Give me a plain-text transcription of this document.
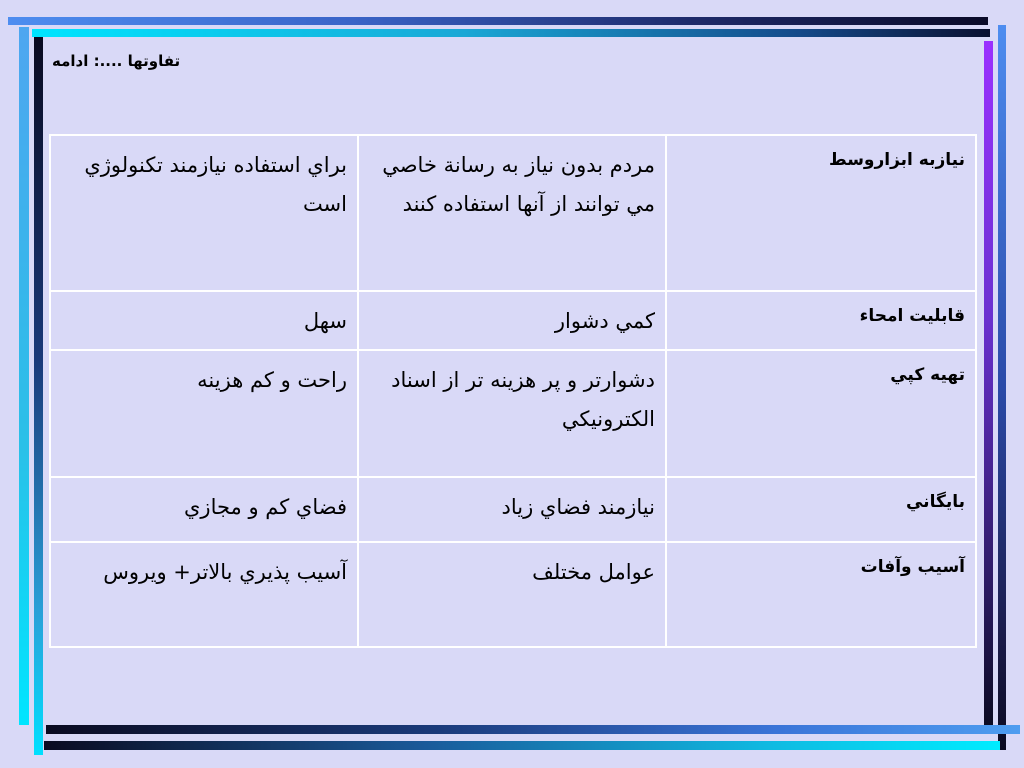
تفاوتها ....: ادامه
نيازبه ابزاروسط	مردم بدون نياز به رسانة خاصي مي توانند از آنها استفاده كنند	براي استفاده نيازمند تكنولوژي است
قابليت امحاء	كمي دشوار	سهل
تهيه كپي	دشوارتر و پر هزينه تر از اسناد الكترونيكي	راحت و كم هزينه
بايگاني	نيازمند فضاي زياد	فضاي كم و مجازي
آسيب وآفات	عوامل مختلف	آسيب پذيري بالاتر+ ويروس
